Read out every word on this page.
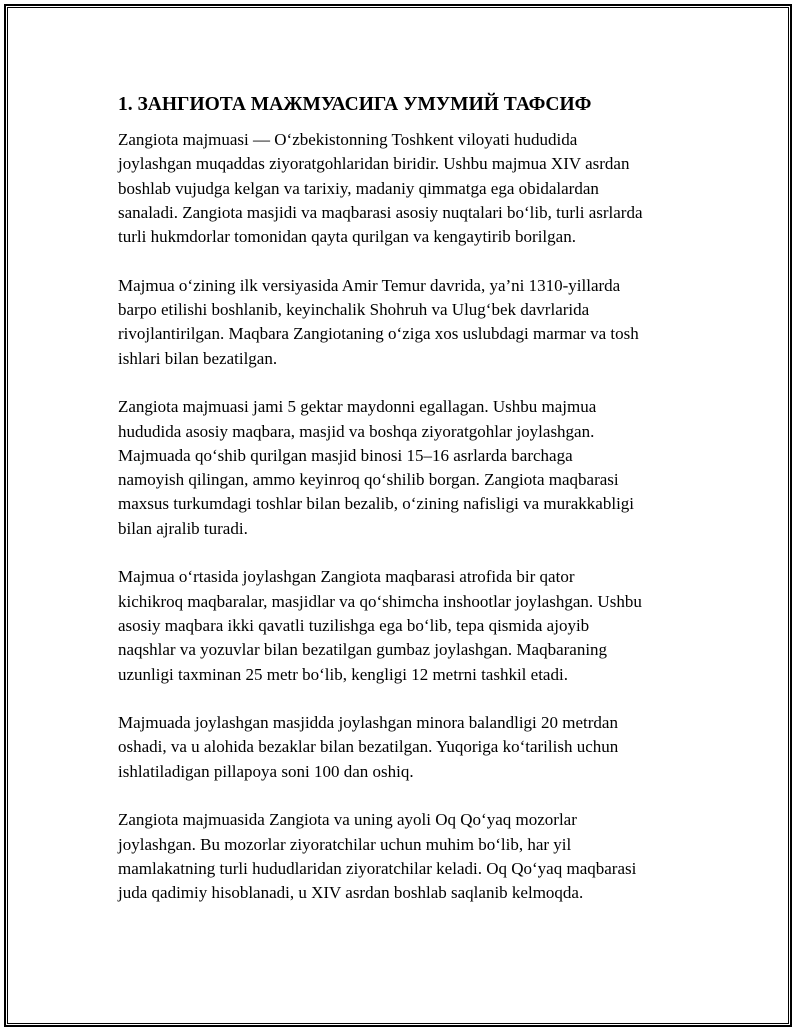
1. ЗАНГИОТА МАЖМУАСИГА УМУМИЙ ТАФСИФ

Zangiota majmuasi — O‘zbekistonning Toshkent viloyati hududida
joylashgan muqaddas ziyoratgohlaridan biridir. Ushbu majmua XIV asrdan
boshlab vujudga kelgan va tarixiy, madaniy qimmatga ega obidalardan
sanaladi. Zangiota masjidi va maqbarasi asosiy nuqtalari bo‘lib, turli asrlarda
turli hukmdorlar tomonidan qayta qurilgan va kengaytirib borilgan.

Majmua o‘zining ilk versiyasida Amir Temur davrida, ya’ni 1310-yillarda
barpo etilishi boshlanib, keyinchalik Shohruh va Ulug‘bek davrlarida
rivojlantirilgan. Maqbara Zangiotaning o‘ziga xos uslubdagi marmar va tosh
ishlari bilan bezatilgan.

Zangiota majmuasi jami 5 gektar maydonni egallagan. Ushbu majmua
hududida asosiy maqbara, masjid va boshqa ziyoratgohlar joylashgan.
Majmuada qo‘shib qurilgan masjid binosi 15–16 asrlarda barchaga
namoyish qilingan, ammo keyinroq qo‘shilib borgan. Zangiota maqbarasi
maxsus turkumdagi toshlar bilan bezalib, o‘zining nafisligi va murakkabligi
bilan ajralib turadi.

Majmua o‘rtasida joylashgan Zangiota maqbarasi atrofida bir qator
kichikroq maqbaralar, masjidlar va qo‘shimcha inshootlar joylashgan. Ushbu
asosiy maqbara ikki qavatli tuzilishga ega bo‘lib, tepa qismida ajoyib
naqshlar va yozuvlar bilan bezatilgan gumbaz joylashgan. Maqbaraning
uzunligi taxminan 25 metr bo‘lib, kengligi 12 metrni tashkil etadi.

Majmuada joylashgan masjidda joylashgan minora balandligi 20 metrdan
oshadi, va u alohida bezaklar bilan bezatilgan. Yuqoriga ko‘tarilish uchun
ishlatiladigan pillapoya soni 100 dan oshiq.

Zangiota majmuasida Zangiota va uning ayoli Oq Qo‘yaq mozorlar
joylashgan. Bu mozorlar ziyoratchilar uchun muhim bo‘lib, har yil
mamlakatning turli hududlaridan ziyoratchilar keladi. Oq Qo‘yaq maqbarasi
juda qadimiy hisoblanadi, u XIV asrdan boshlab saqlanib kelmoqda.
